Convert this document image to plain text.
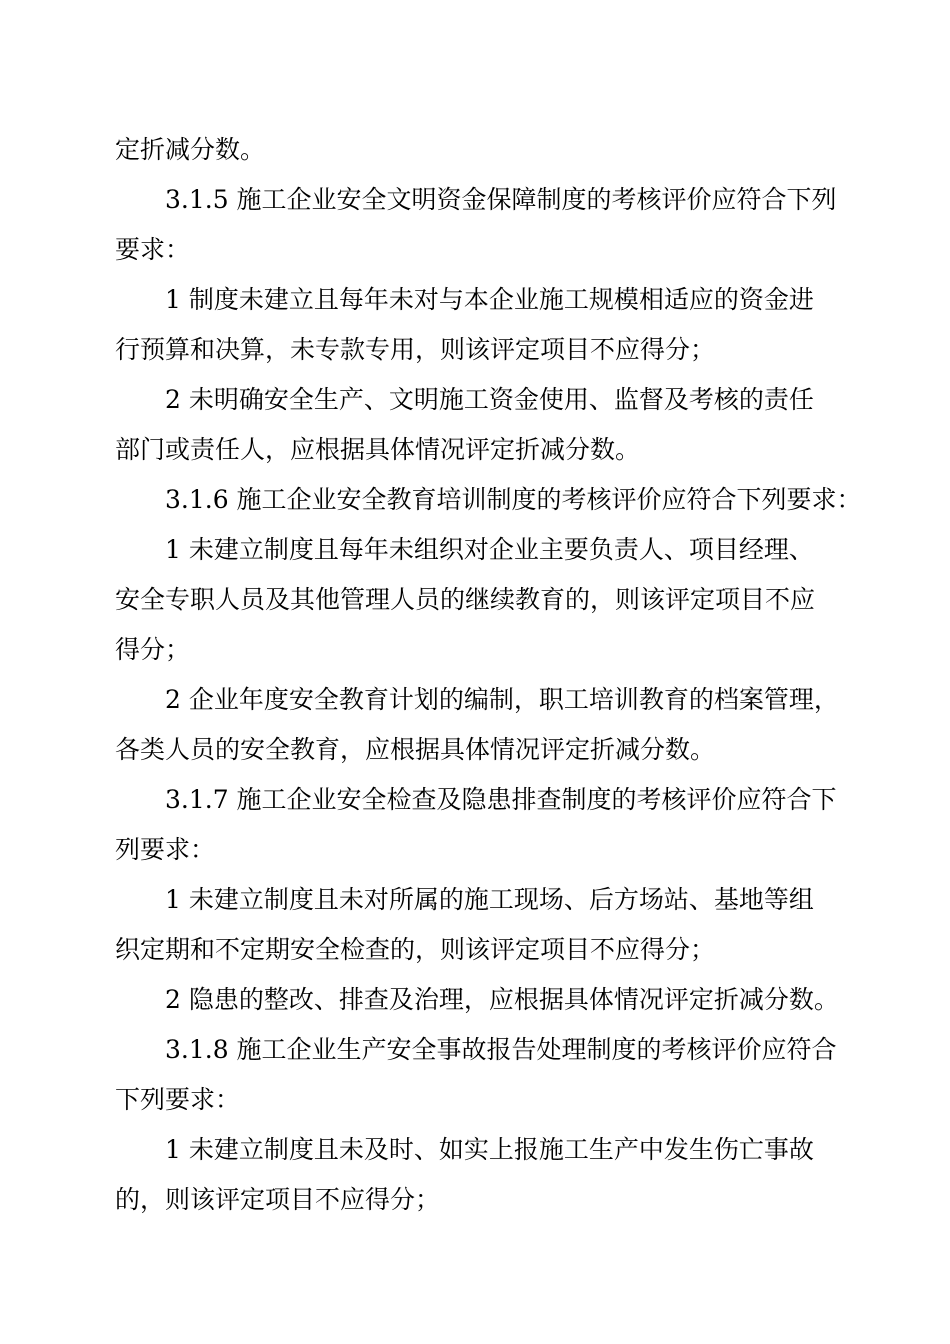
定折减分数。
3.1.5 施工企业安全文明资金保障制度的考核评价应符合下列
要求：
1 制度未建立且每年未对与本企业施工规模相适应的资金进
行预算和决算，未专款专用，则该评定项目不应得分；
2 未明确安全生产、文明施工资金使用、监督及考核的责任
部门或责任人，应根据具体情况评定折减分数。
3.1.6 施工企业安全教育培训制度的考核评价应符合下列要求：
1 未建立制度且每年未组织对企业主要负责人、项目经理、
安全专职人员及其他管理人员的继续教育的，则该评定项目不应
得分；
2 企业年度安全教育计划的编制，职工培训教育的档案管理，
各类人员的安全教育，应根据具体情况评定折减分数。
3.1.7 施工企业安全检查及隐患排查制度的考核评价应符合下
列要求：
1 未建立制度且未对所属的施工现场、后方场站、基地等组
织定期和不定期安全检查的，则该评定项目不应得分；
2 隐患的整改、排查及治理，应根据具体情况评定折减分数。
3.1.8 施工企业生产安全事故报告处理制度的考核评价应符合
下列要求：
1 未建立制度且未及时、如实上报施工生产中发生伤亡事故
的，则该评定项目不应得分；
